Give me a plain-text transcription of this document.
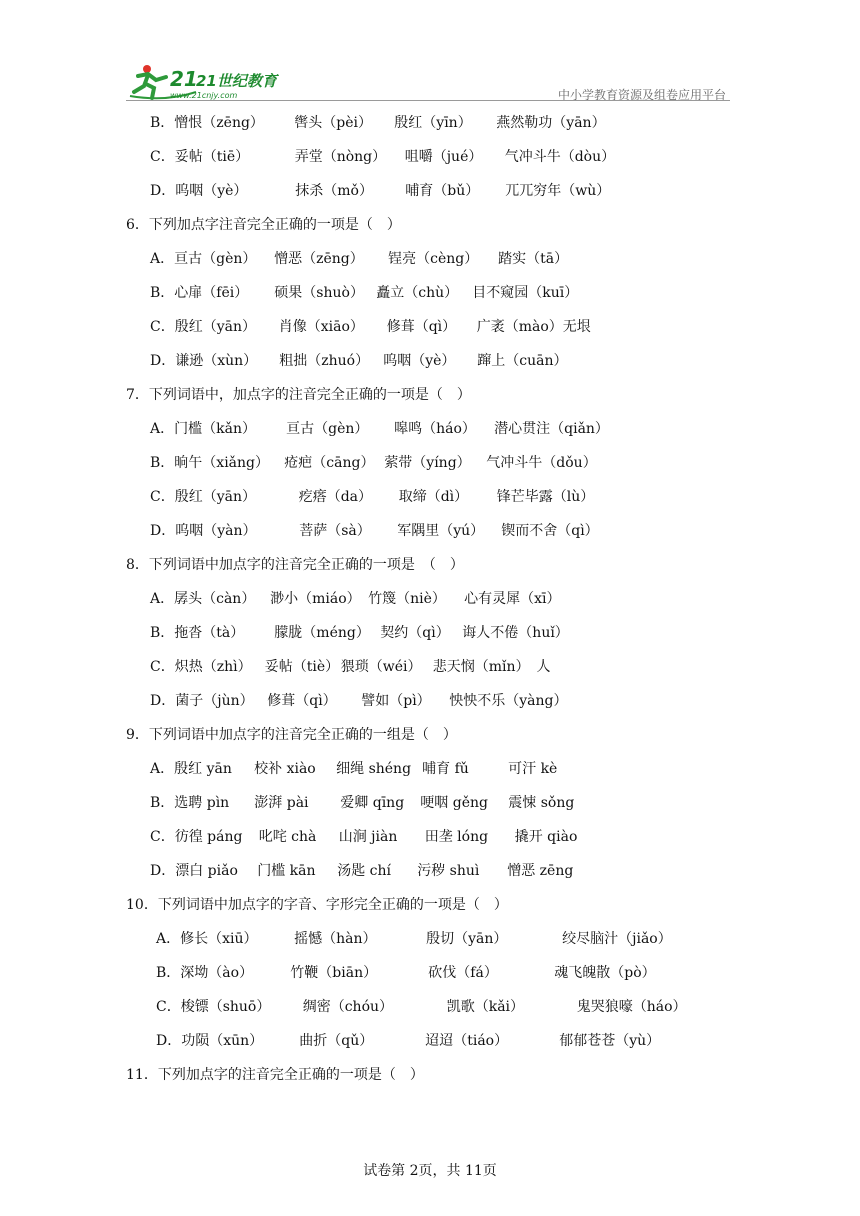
21
21世纪教育
www.21cnjy.com	中小学教育资源及组卷应用平台
B．憎恨（zēng） 辔头（pèi） 殷红（yīn） 燕然勒功（yān）
C．妥帖（tiē）	弄堂（nòng） 咀嚼（jué） 气冲斗牛（dòu）
D．呜咽（yè）	抹杀（mǒ） 哺育（bǔ） 兀兀穷年（wù）

6．下列加点字注音完全正确的一项是（　）

A．亘古（gèn） 憎恶（zēng） 锃亮（cèng） 踏实（tā）
B．心扉（fēi） 硕果（shuò） 矗立（chù） 目不窥园（kuī）
C．殷红（yān） 肖像（xiāo） 修葺（qì） 广袤（mào）无垠
D．谦逊（xùn） 粗拙（zhuó） 呜咽（yè） 蹿上（cuān）

7．下列词语中，加点字的注音完全正确的一项是（　）

A．门槛（kǎn） 亘古（gèn） 嗥鸣（háo） 潜心贯注（qiǎn）
B．晌午（xiǎng） 疮疤（cāng） 萦带（yíng） 气冲斗牛（dǒu）
C．殷红（yān）	疙瘩（da） 取缔（dì） 锋芒毕露（lù）
D．呜咽（yàn）	菩萨（sà） 军隅里（yú） 锲而不舍（qì）

8．下列词语中加点字的注音完全正确的一项是　（　）

A．孱头（càn） 渺小（miáo） 竹篾（niè） 心有灵犀（xī）
B．拖沓（tà） 朦胧（méng） 契约（qì） 诲人不倦（huǐ）
C．炽热（zhì） 妥帖（tiè） 猥琐（wéi） 悲天悯（mǐn）　人
D．菌子（jùn） 修葺（qì） 譬如（pì） 怏怏不乐（yàng）

9．下列词语中加点字的注音完全正确的一组是（　）

A．殷红 yān 校补 xiào 细绳 shéng 哺育 fǔ	可汗 kè
B．选聘 pìn 澎湃 pài 爱卿 qīng 哽咽 gěng 震悚 sǒng
C．彷徨 páng 叱咤 chà 山涧 jiàn 田垄 lóng 撬开 qiào
D．漂白 piǎo 门槛 kān 汤匙 chí 污秽 shuì 憎恶 zēng

10．下列词语中加点字的字音、字形完全正确的一项是（　）

A．修长（xiū）	摇憾（hàn）	殷切（yān）	绞尽脑汁（jiǎo）
B．深坳（ào）	竹鞭（biān）	砍伐（fá）	魂飞魄散（pò）
C．梭镖（shuō） 绸密（chóu）	凯歌（kǎi）	鬼哭狼嚎（háo）
D．功陨（xūn）	曲折（qǔ）	迢迢（tiáo）	郁郁苍苍（yù）

11．下列加点字的注音完全正确的一项是（　）

试卷第 2页，共 11页
